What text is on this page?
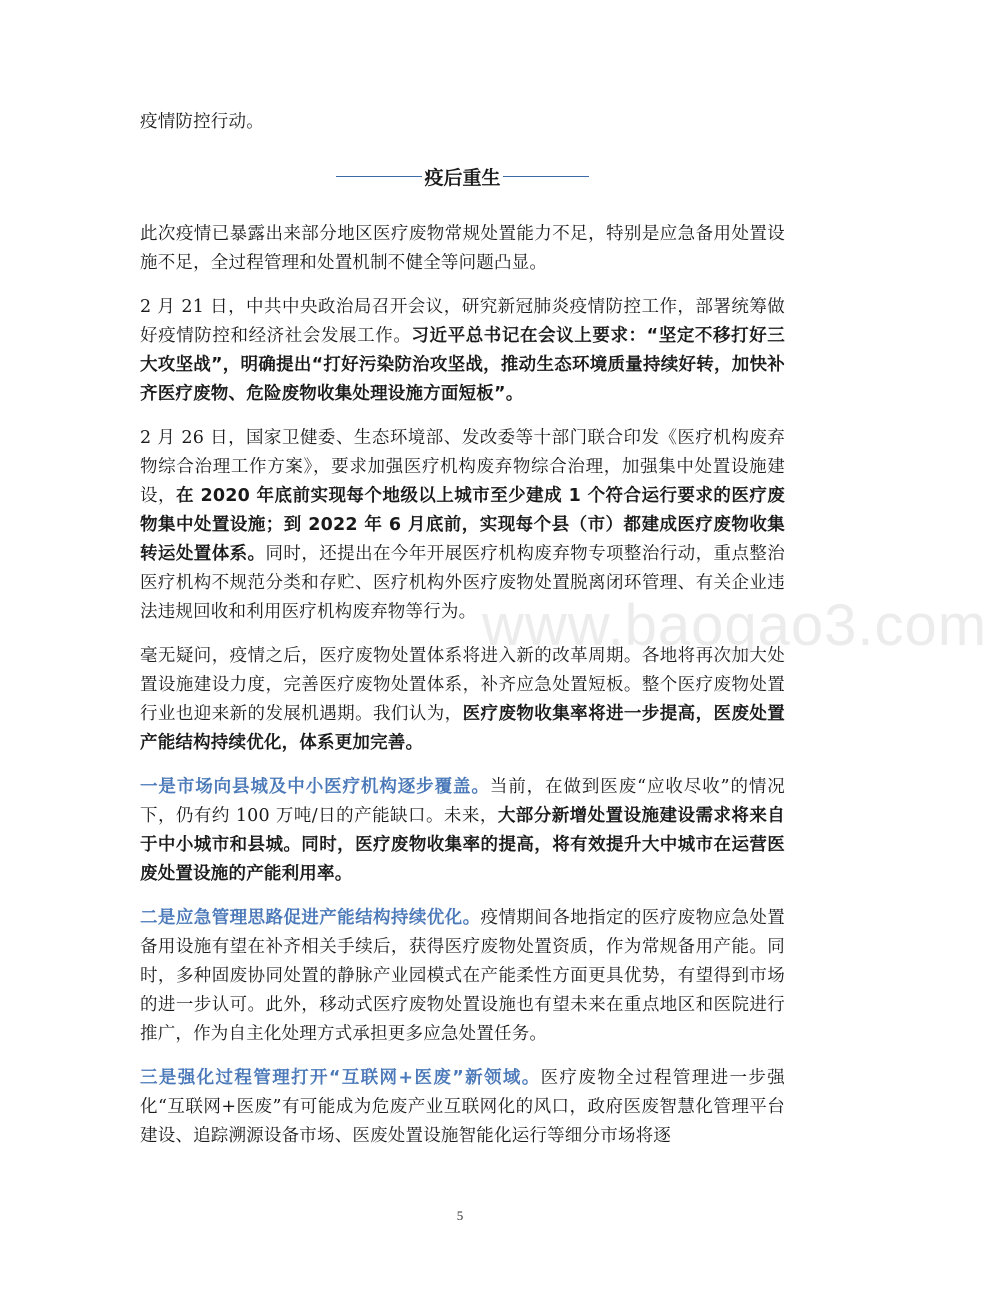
疫情防控行动。

疫后重生

此次疫情已暴露出来部分地区医疗废物常规处置能力不足，特别是应急备用处置设施不足，全过程管理和处置机制不健全等问题凸显。

2 月 21 日，中共中央政治局召开会议，研究新冠肺炎疫情防控工作，部署统筹做好疫情防控和经济社会发展工作。习近平总书记在会议上要求：“坚定不移打好三大攻坚战”，明确提出“打好污染防治攻坚战，推动生态环境质量持续好转，加快补齐医疗废物、危险废物收集处理设施方面短板”。

2 月 26 日，国家卫健委、生态环境部、发改委等十部门联合印发《医疗机构废弃物综合治理工作方案》，要求加强医疗机构废弃物综合治理，加强集中处置设施建设，在 2020 年底前实现每个地级以上城市至少建成 1 个符合运行要求的医疗废物集中处置设施；到 2022 年 6 月底前，实现每个县（市）都建成医疗废物收集转运处置体系。同时，还提出在今年开展医疗机构废弃物专项整治行动，重点整治医疗机构不规范分类和存贮、医疗机构外医疗废物处置脱离闭环管理、有关企业违法违规回收和利用医疗机构废弃物等行为。

毫无疑问，疫情之后，医疗废物处置体系将进入新的改革周期。各地将再次加大处置设施建设力度，完善医疗废物处置体系，补齐应急处置短板。整个医疗废物处置行业也迎来新的发展机遇期。我们认为，医疗废物收集率将进一步提高，医废处置产能结构持续优化，体系更加完善。

一是市场向县城及中小医疗机构逐步覆盖。当前，在做到医废“应收尽收”的情况下，仍有约 100 万吨/日的产能缺口。未来，大部分新增处置设施建设需求将来自于中小城市和县城。同时，医疗废物收集率的提高，将有效提升大中城市在运营医废处置设施的产能利用率。

二是应急管理思路促进产能结构持续优化。疫情期间各地指定的医疗废物应急处置备用设施有望在补齐相关手续后，获得医疗废物处置资质，作为常规备用产能。同时，多种固废协同处置的静脉产业园模式在产能柔性方面更具优势，有望得到市场的进一步认可。此外，移动式医疗废物处置设施也有望未来在重点地区和医院进行推广，作为自主化处理方式承担更多应急处置任务。

三是强化过程管理打开“互联网+医废”新领域。医疗废物全过程管理进一步强化“互联网+医废”有可能成为危废产业互联网化的风口，政府医废智慧化管理平台建设、追踪溯源设备市场、医废处置设施智能化运行等细分市场将逐

www.baogao3.com
5
